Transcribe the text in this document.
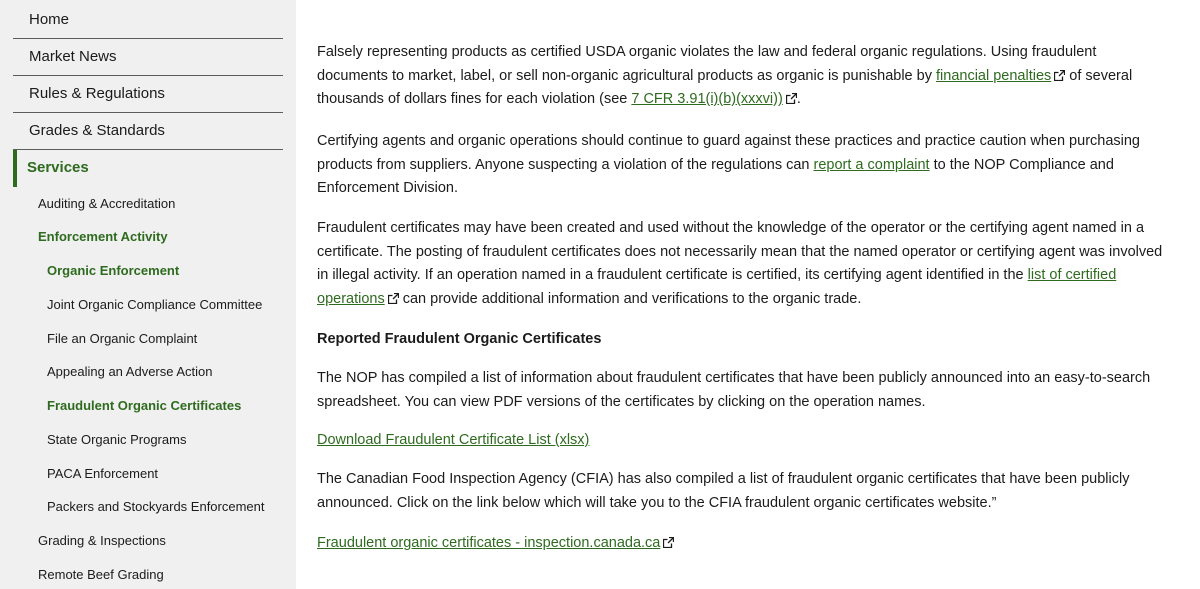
Home
Market News
Rules & Regulations
Grades & Standards
Services
Auditing & Accreditation
Enforcement Activity
Organic Enforcement
Joint Organic Compliance Committee
File an Organic Complaint
Appealing an Adverse Action
Fraudulent Organic Certificates
State Organic Programs
PACA Enforcement
Packers and Stockyards Enforcement
Grading & Inspections
Remote Beef Grading

Falsely representing products as certified USDA organic violates the law and federal organic regulations. Using fraudulent documents to market, label, or sell non-organic agricultural products as organic is punishable by financial penalties
of several thousands of dollars fines for each violation (see 7 CFR 3.91(i)(b)(xxxvi)) .

Certifying agents and organic operations should continue to guard against these practices and practice caution when purchasing products from suppliers. Anyone suspecting a violation of the regulations can report a complaint to the NOP Compliance and Enforcement Division.

Fraudulent certificates may have been created and used without the knowledge of the operator or the certifying agent named in a certificate. The posting of fraudulent certificates does not necessarily mean that the named operator or certifying agent was involved in illegal activity. If an operation named in a fraudulent certificate is certified, its certifying agent identified in the list of certified operations
can provide additional information and verifications to the organic trade.

Reported Fraudulent Organic Certificates

The NOP has compiled a list of information about fraudulent certificates that have been publicly announced into an easy-to-search spreadsheet. You can view PDF versions of the certificates by clicking on the operation names.

Download Fraudulent Certificate List (xlsx)

The Canadian Food Inspection Agency (CFIA) has also compiled a list of fraudulent organic certificates that have been publicly announced. Click on the link below which will take you to the CFIA fraudulent organic certificates website.”

Fraudulent organic certificates - inspection.canada.ca
